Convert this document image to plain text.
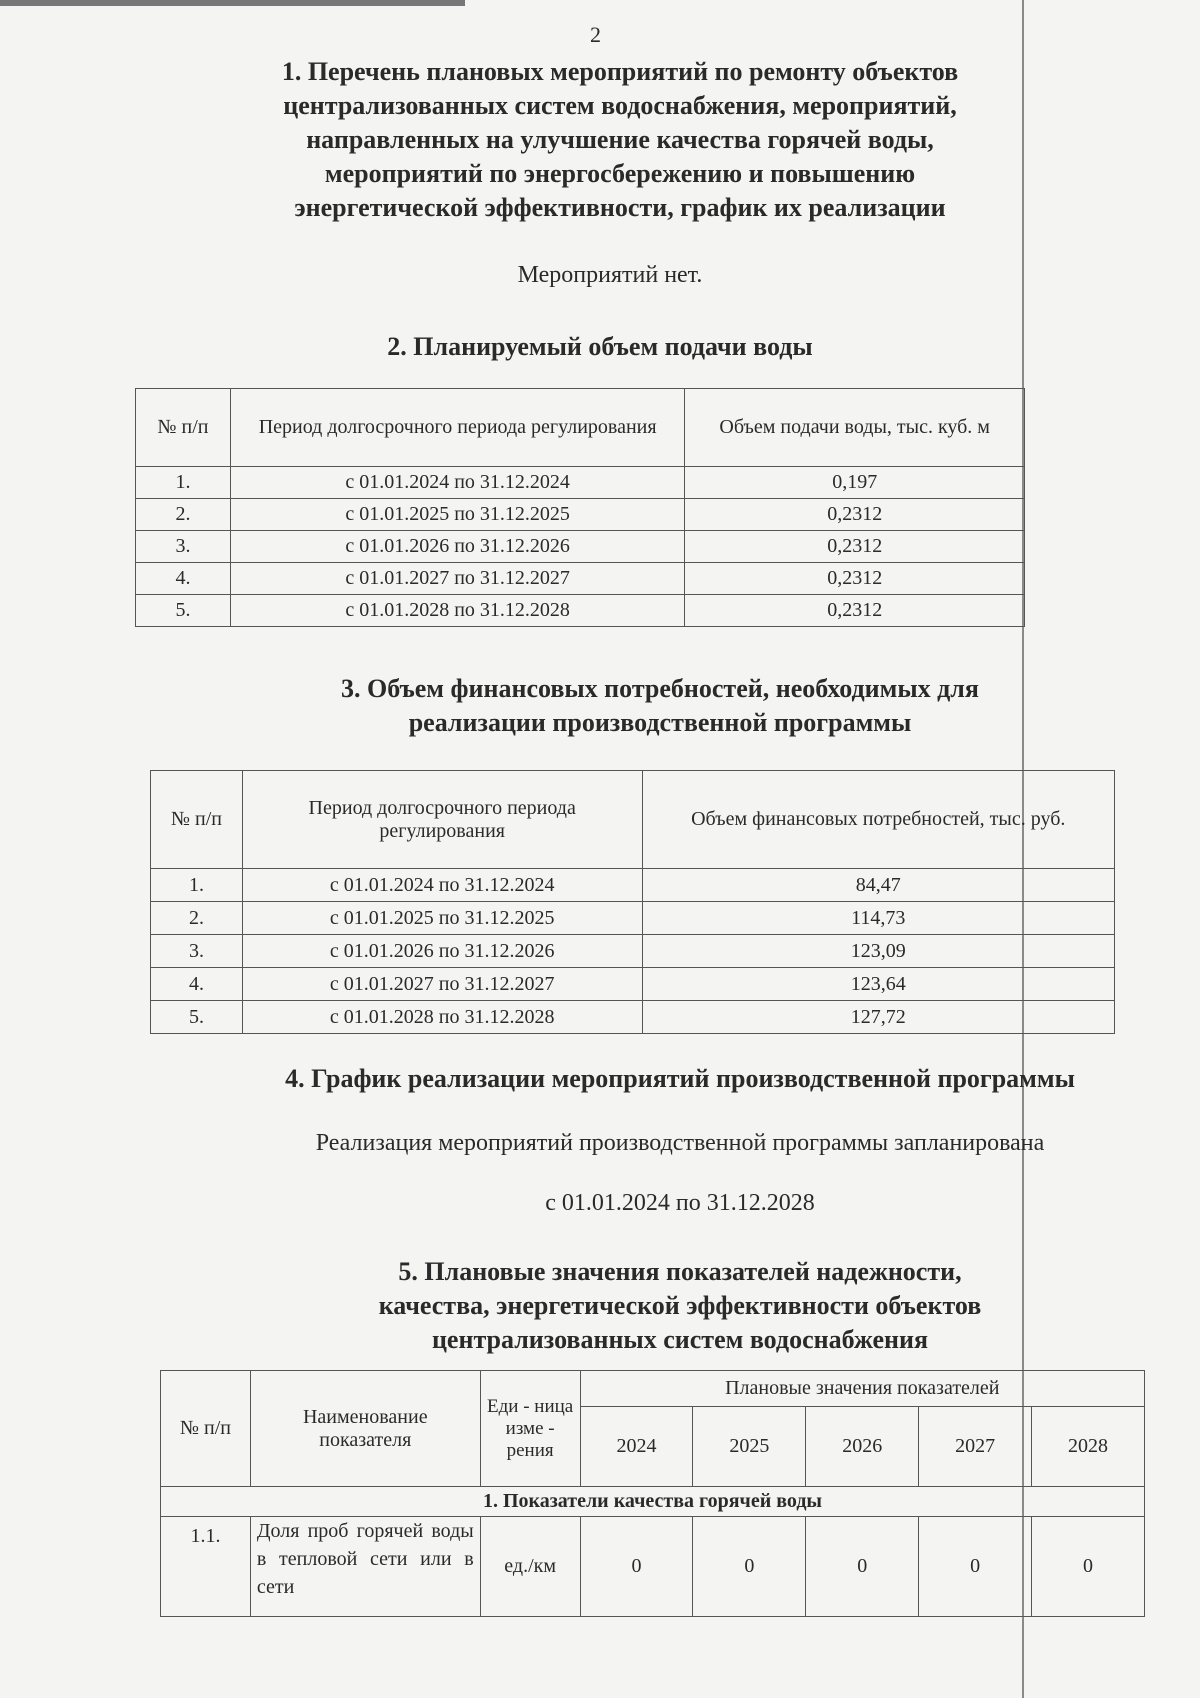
2
1. Перечень плановых мероприятий по ремонту объектов
централизованных систем водоснабжения, мероприятий,
направленных на улучшение качества горячей воды,
мероприятий по энергосбережению и повышению
энергетической эффективности, график их реализации
Мероприятий нет.
2. Планируемый объем подачи воды
№ п/п	Период долгосрочного периода регулирования	Объем подачи воды, тыс. куб. м
1.	с 01.01.2024 по 31.12.2024	0,197
2.	с 01.01.2025 по 31.12.2025	0,2312
3.	с 01.01.2026 по 31.12.2026	0,2312
4.	с 01.01.2027 по 31.12.2027	0,2312
5.	с 01.01.2028 по 31.12.2028	0,2312
3. Объем финансовых потребностей, необходимых для
реализации производственной программы
№ п/п	Период долгосрочного периода регулирования	Объем финансовых потребностей, тыс. руб.
1.	с 01.01.2024 по 31.12.2024	84,47
2.	с 01.01.2025 по 31.12.2025	114,73
3.	с 01.01.2026 по 31.12.2026	123,09
4.	с 01.01.2027 по 31.12.2027	123,64
5.	с 01.01.2028 по 31.12.2028	127,72
4. График реализации мероприятий производственной программы
Реализация мероприятий производственной программы запланирована
с 01.01.2024 по 31.12.2028
5. Плановые значения показателей надежности,
качества, энергетической эффективности объектов
централизованных систем водоснабжения
№ п/п	Наименование показателя	Еди - ница изме - рения	Плановые значения показателей				
			2024	2025	2026	2027	2028
1. Показатели качества горячей воды							
1.1.	Доля проб горячей воды в тепловой сети или в сети	ед./км	0	0	0	0	0
